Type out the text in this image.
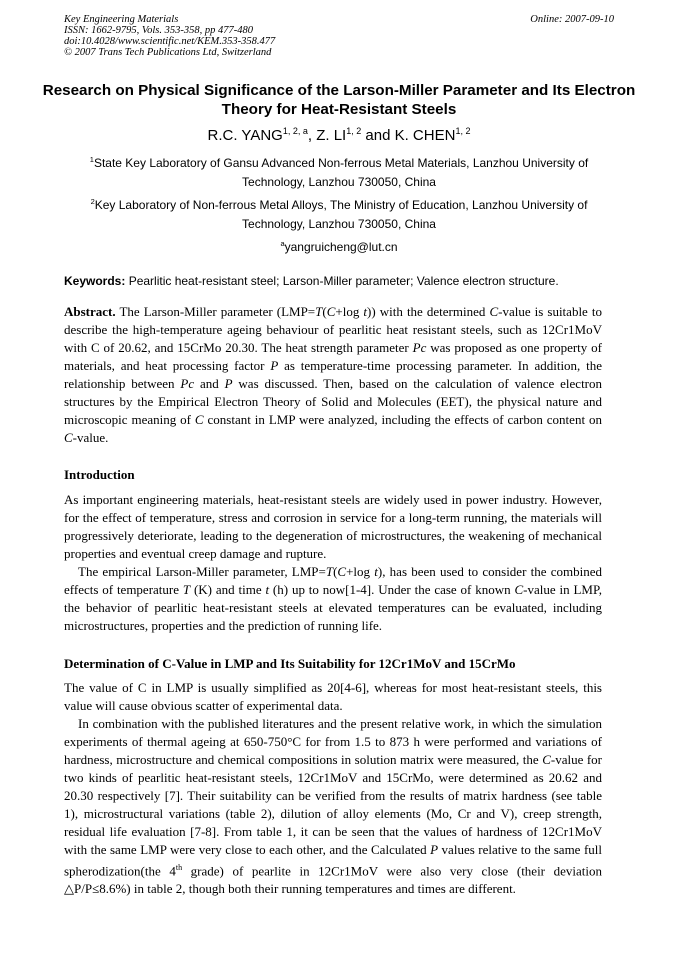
Key Engineering Materials
ISSN: 1662-9795, Vols. 353-358, pp 477-480
doi:10.4028/www.scientific.net/KEM.353-358.477
© 2007 Trans Tech Publications Ltd, Switzerland
Online: 2007-09-10
Research on Physical Significance of the Larson-Miller Parameter and Its Electron Theory for Heat-Resistant Steels
R.C. YANG$^{1, 2, a}$, Z. LI$^{1, 2}$ and K. CHEN$^{1, 2}$
$^1$State Key Laboratory of Gansu Advanced Non-ferrous Metal Materials, Lanzhou University of Technology, Lanzhou 730050, China
$^2$Key Laboratory of Non-ferrous Metal Alloys, The Ministry of Education, Lanzhou University of Technology, Lanzhou 730050, China
$^a$yangruicheng@lut.cn
Keywords: Pearlitic heat-resistant steel; Larson-Miller parameter; Valence electron structure.

Abstract. The Larson-Miller parameter (LMP=T(C+log t)) with the determined C-value is suitable to describe the high-temperature ageing behaviour of pearlitic heat resistant steels, such as 12Cr1MoV with C of 20.62, and 15CrMo 20.30. The heat strength parameter Pc was proposed as one property of materials, and heat processing factor P as temperature-time processing parameter. In addition, the relationship between Pc and P was discussed. Then, based on the calculation of valence electron structures by the Empirical Electron Theory of Solid and Molecules (EET), the physical nature and microscopic meaning of C constant in LMP were analyzed, including the effects of carbon content on C-value.

Introduction

As important engineering materials, heat-resistant steels are widely used in power industry. However, for the effect of temperature, stress and corrosion in service for a long-term running, the materials will progressively deteriorate, leading to the degeneration of microstructures, the weakening of mechanical properties and eventual creep damage and rupture.

The empirical Larson-Miller parameter, LMP=T(C+log t), has been used to consider the combined effects of temperature T (K) and time t (h) up to now[1-4]. Under the case of known C-value in LMP, the behavior of pearlitic heat-resistant steels at elevated temperatures can be evaluated, including microstructures, properties and the prediction of running life.

Determination of C-Value in LMP and Its Suitability for 12Cr1MoV and 15CrMo

The value of C in LMP is usually simplified as 20[4-6], whereas for most heat-resistant steels, this value will cause obvious scatter of experimental data.

In combination with the published literatures and the present relative work, in which the simulation experiments of thermal ageing at 650-750°C for from 1.5 to 873 h were performed and variations of hardness, microstructure and chemical compositions in solution matrix were measured, the C-value for two kinds of pearlitic heat-resistant steels, 12Cr1MoV and 15CrMo, were determined as 20.62 and 20.30 respectively [7]. Their suitability can be verified from the results of matrix hardness (see table 1), microstructural variations (table 2), dilution of alloy elements (Mo, Cr and V), creep strength, residual life evaluation [7-8]. From table 1, it can be seen that the values of hardness of 12Cr1MoV with the same LMP were very close to each other, and the Calculated P values relative to the same full spherodization(the 4th grade) of pearlite in 12Cr1MoV were also very close (their deviation △P/P≤8.6%) in table 2, though both their running temperatures and times are different.
